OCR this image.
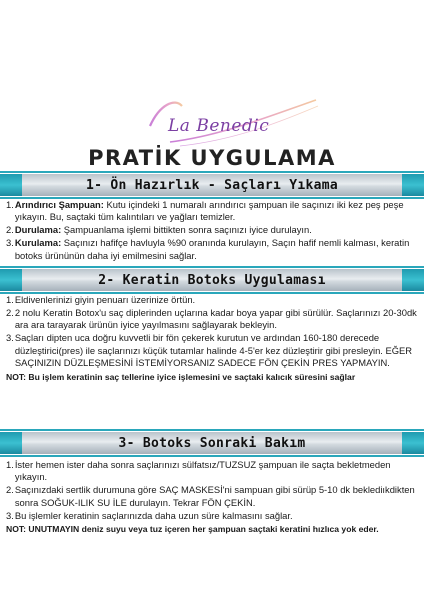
La Benedic
PRATİK UYGULAMA
1- Ön Hazırlık - Saçları Yıkama
1. Arındırıcı Şampuan: Kutu içindeki 1 numaralı arındırıcı şampuan ile saçınızı iki kez peş peşe yıkayın. Bu, saçtaki tüm kalıntıları ve yağları temizler.
2. Durulama: Şampuanlama işlemi bittikten sonra saçınızı iyice durulayın.
3. Kurulama: Saçınızı hafifçe havluyla %90 oranında kurulayın, Saçın hafif nemli kalması, keratin botoks ürününün daha iyi emilmesini sağlar.
2- Keratin Botoks Uygulaması
1. Eldivenlerinizi giyin penuarı üzerinize örtün.
2. 2 nolu Keratin Botox'u saç diplerinden uçlarına kadar boya yapar gibi sürülür. Saçlarınızı 20-30dk ara ara tarayarak ürünün iyice yayılmasını sağlayarak bekleyin.
3. Saçları dipten uca doğru kuvvetli bir fön çekerek kurutun ve ardından 160-180 derecede düzleştirici(pres) ile saçlarınızı küçük tutamlar halinde 4-5'er kez düzleştirir gibi presleyin. EĞER SAÇINIZIN DÜZLEŞMESİNİ İSTEMİYORSANIZ SADECE FÖN ÇEKİN PRES YAPMAYIN.
NOT: Bu işlem keratinin saç tellerine iyice işlemesini ve saçtaki kalıcık süresini sağlar
3- Botoks Sonraki Bakım
1. İster hemen ister daha sonra saçlarınızı sülfatsız/TUZSUZ şampuan ile saçta bekletmeden yıkayın.
2. Saçınızdaki sertlik durumuna göre SAÇ MASKESİ'ni sampuan gibi sürüp 5-10 dk beklediıkdikten sonra SOĞUK-ILIK SU İLE durulayın. Tekrar FÖN ÇEKİN.
3. Bu işlemler keratinin saçlarınızda daha uzun süre kalmasını sağlar.
NOT: UNUTMAYIN deniz suyu veya tuz içeren her şampuan saçtaki keratini hızlıca yok eder.
